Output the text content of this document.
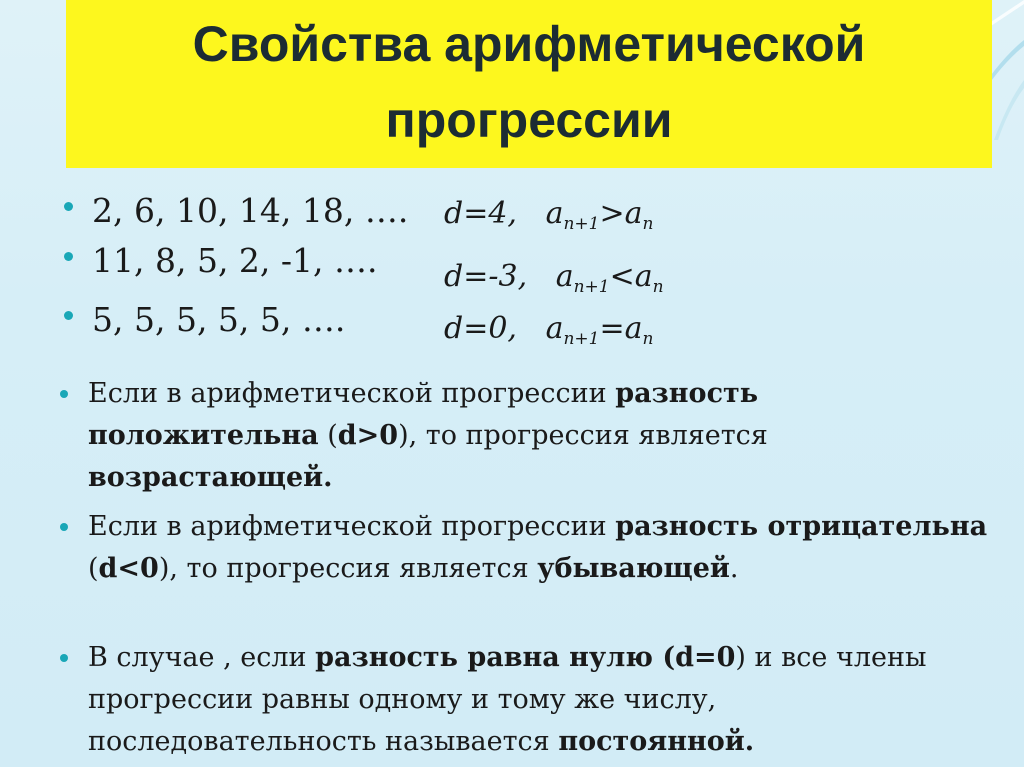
Свойства арифметической
прогрессии
2, 6, 10, 14, 18, …. d=4, $a_{n+1}>a_n$
11, 8, 5, 2, -1, …. d=-3, $a_{n+1}<a_n$
5, 5, 5, 5, 5, ….	d=0, $a_{n+1}=a_n$
Если в арифметической прогрессии разность положительна (d>0), то прогрессия является возрастающей.
Если в арифметической прогрессии разность отрицательна (d<0), то прогрессия является убывающей.
В случае , если разность равна нулю (d=0) и все члены прогрессии равны одному и тому же числу, последовательность называется постоянной.
